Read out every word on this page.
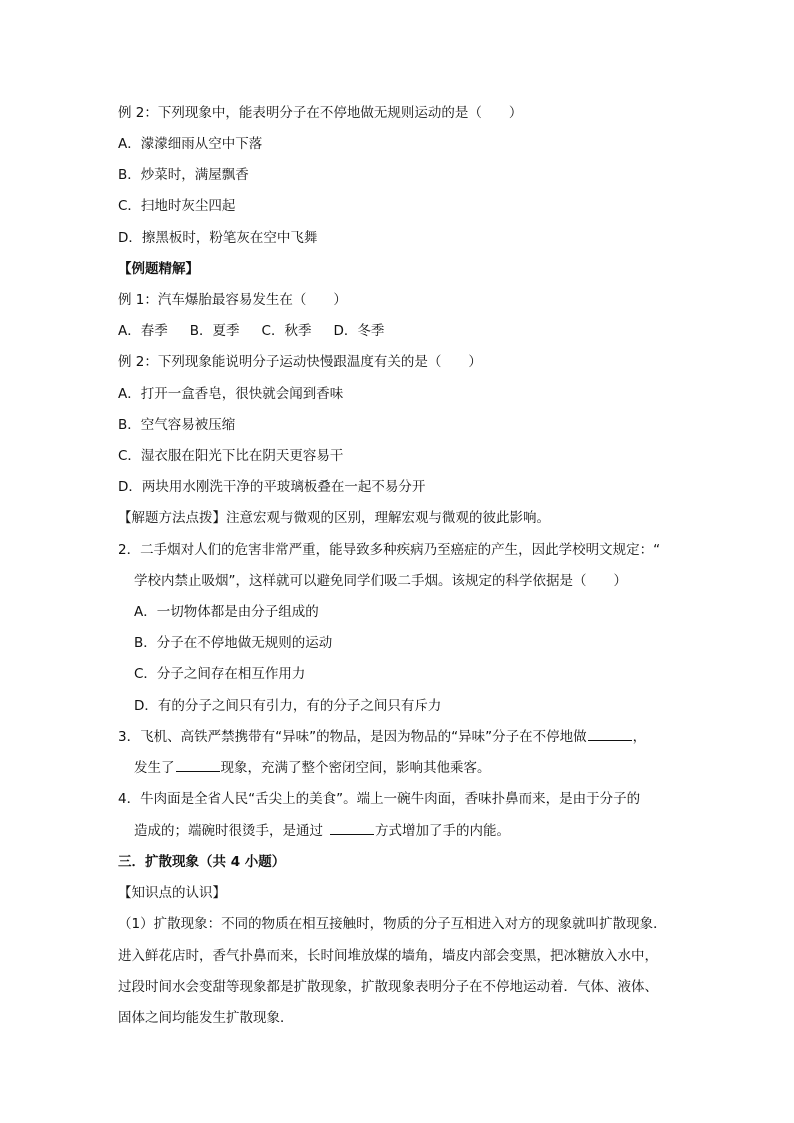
例 2：下列现象中，能表明分子在不停地做无规则运动的是（　　）
A．濛濛细雨从空中下落
B．炒菜时，满屋飘香
C．扫地时灰尘四起
D．擦黑板时，粉笔灰在空中飞舞
【例题精解】
例 1：汽车爆胎最容易发生在（　　）
A．春季 B．夏季 C．秋季 D．冬季
例 2：下列现象能说明分子运动快慢跟温度有关的是（　　）
A．打开一盒香皂，很快就会闻到香味
B．空气容易被压缩
C．湿衣服在阳光下比在阴天更容易干
D．两块用水刚洗干净的平玻璃板叠在一起不易分开
【解题方法点拨】注意宏观与微观的区别，理解宏观与微观的彼此影响。
2．二手烟对人们的危害非常严重，能导致多种疾病乃至癌症的产生，因此学校明文规定：“
学校内禁止吸烟”，这样就可以避免同学们吸二手烟。该规定的科学依据是（　　）
A．一切物体都是由分子组成的
B．分子在不停地做无规则的运动
C．分子之间存在相互作用力
D．有的分子之间只有引力，有的分子之间只有斥力
3．飞机、高铁严禁携带有“异味”的物品，是因为物品的“异味”分子在不停地做	，
发生了	现象，充满了整个密闭空间，影响其他乘客。
4．牛肉面是全省人民“舌尖上的美食”。端上一碗牛肉面，香味扑鼻而来，是由于分子的
造成的；端碗时很烫手，是通过	方式增加了手的内能。
三．扩散现象（共 4 小题）
【知识点的认识】
（1）扩散现象：不同的物质在相互接触时，物质的分子互相进入对方的现象就叫扩散现象．
进入鲜花店时，香气扑鼻而来，长时间堆放煤的墙角，墙皮内部会变黑，把冰糖放入水中，
过段时间水会变甜等现象都是扩散现象，扩散现象表明分子在不停地运动着．气体、液体、
固体之间均能发生扩散现象．
